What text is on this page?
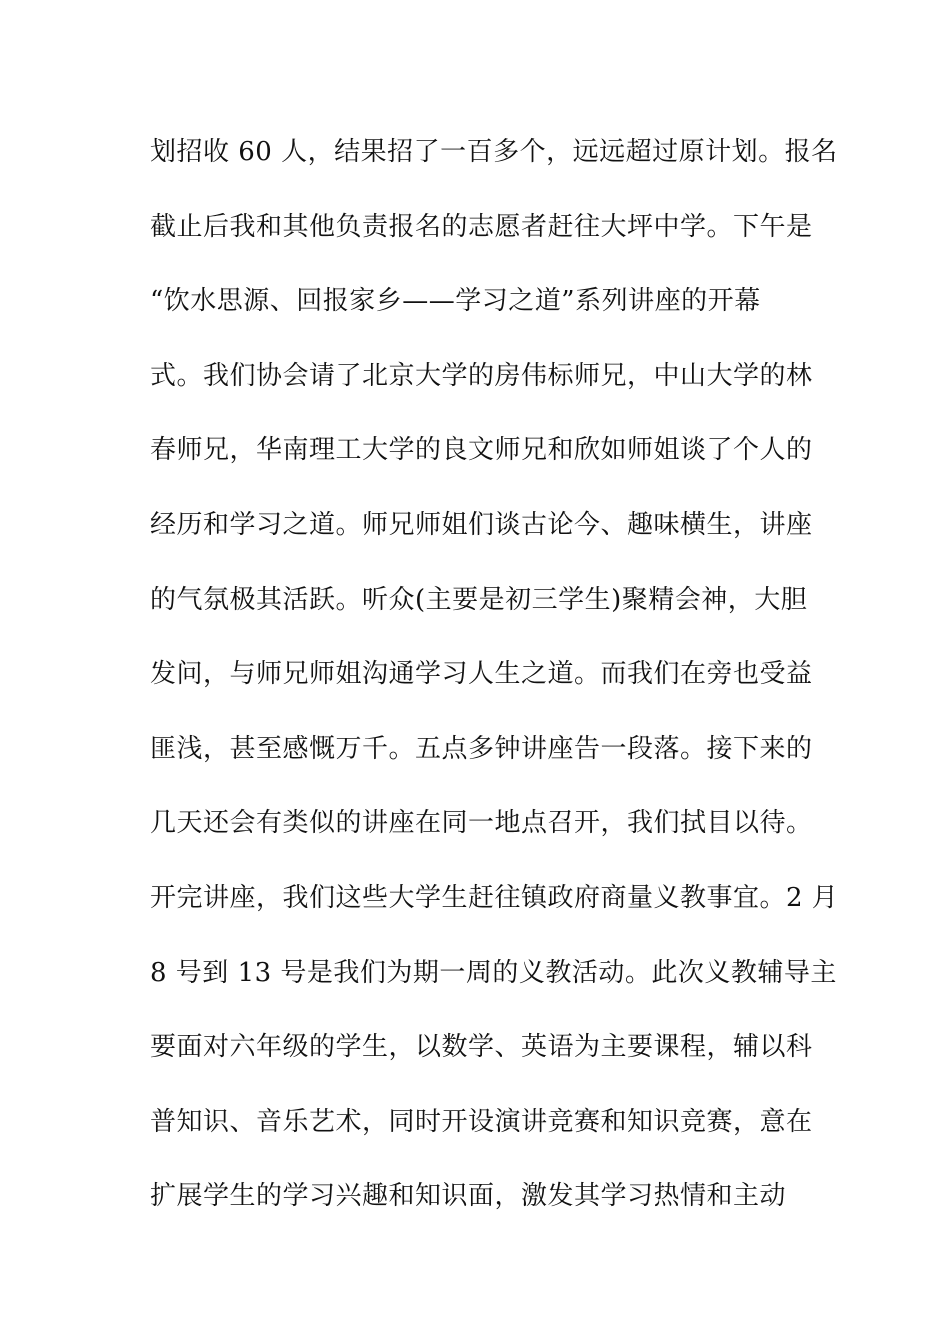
划招收 60 人，结果招了一百多个，远远超过原计划。报名
截止后我和其他负责报名的志愿者赶往大坪中学。下午是
“饮水思源、回报家乡——学习之道”系列讲座的开幕
式。我们协会请了北京大学的房伟标师兄，中山大学的林
春师兄，华南理工大学的良文师兄和欣如师姐谈了个人的
经历和学习之道。师兄师姐们谈古论今、趣味横生，讲座
的气氛极其活跃。听众(主要是初三学生)聚精会神，大胆
发问，与师兄师姐沟通学习人生之道。而我们在旁也受益
匪浅，甚至感慨万千。五点多钟讲座告一段落。接下来的
几天还会有类似的讲座在同一地点召开，我们拭目以待。
开完讲座，我们这些大学生赶往镇政府商量义教事宜。2 月
8 号到 13 号是我们为期一周的义教活动。此次义教辅导主
要面对六年级的学生，以数学、英语为主要课程，辅以科
普知识、音乐艺术，同时开设演讲竞赛和知识竞赛，意在
扩展学生的学习兴趣和知识面，激发其学习热情和主动
